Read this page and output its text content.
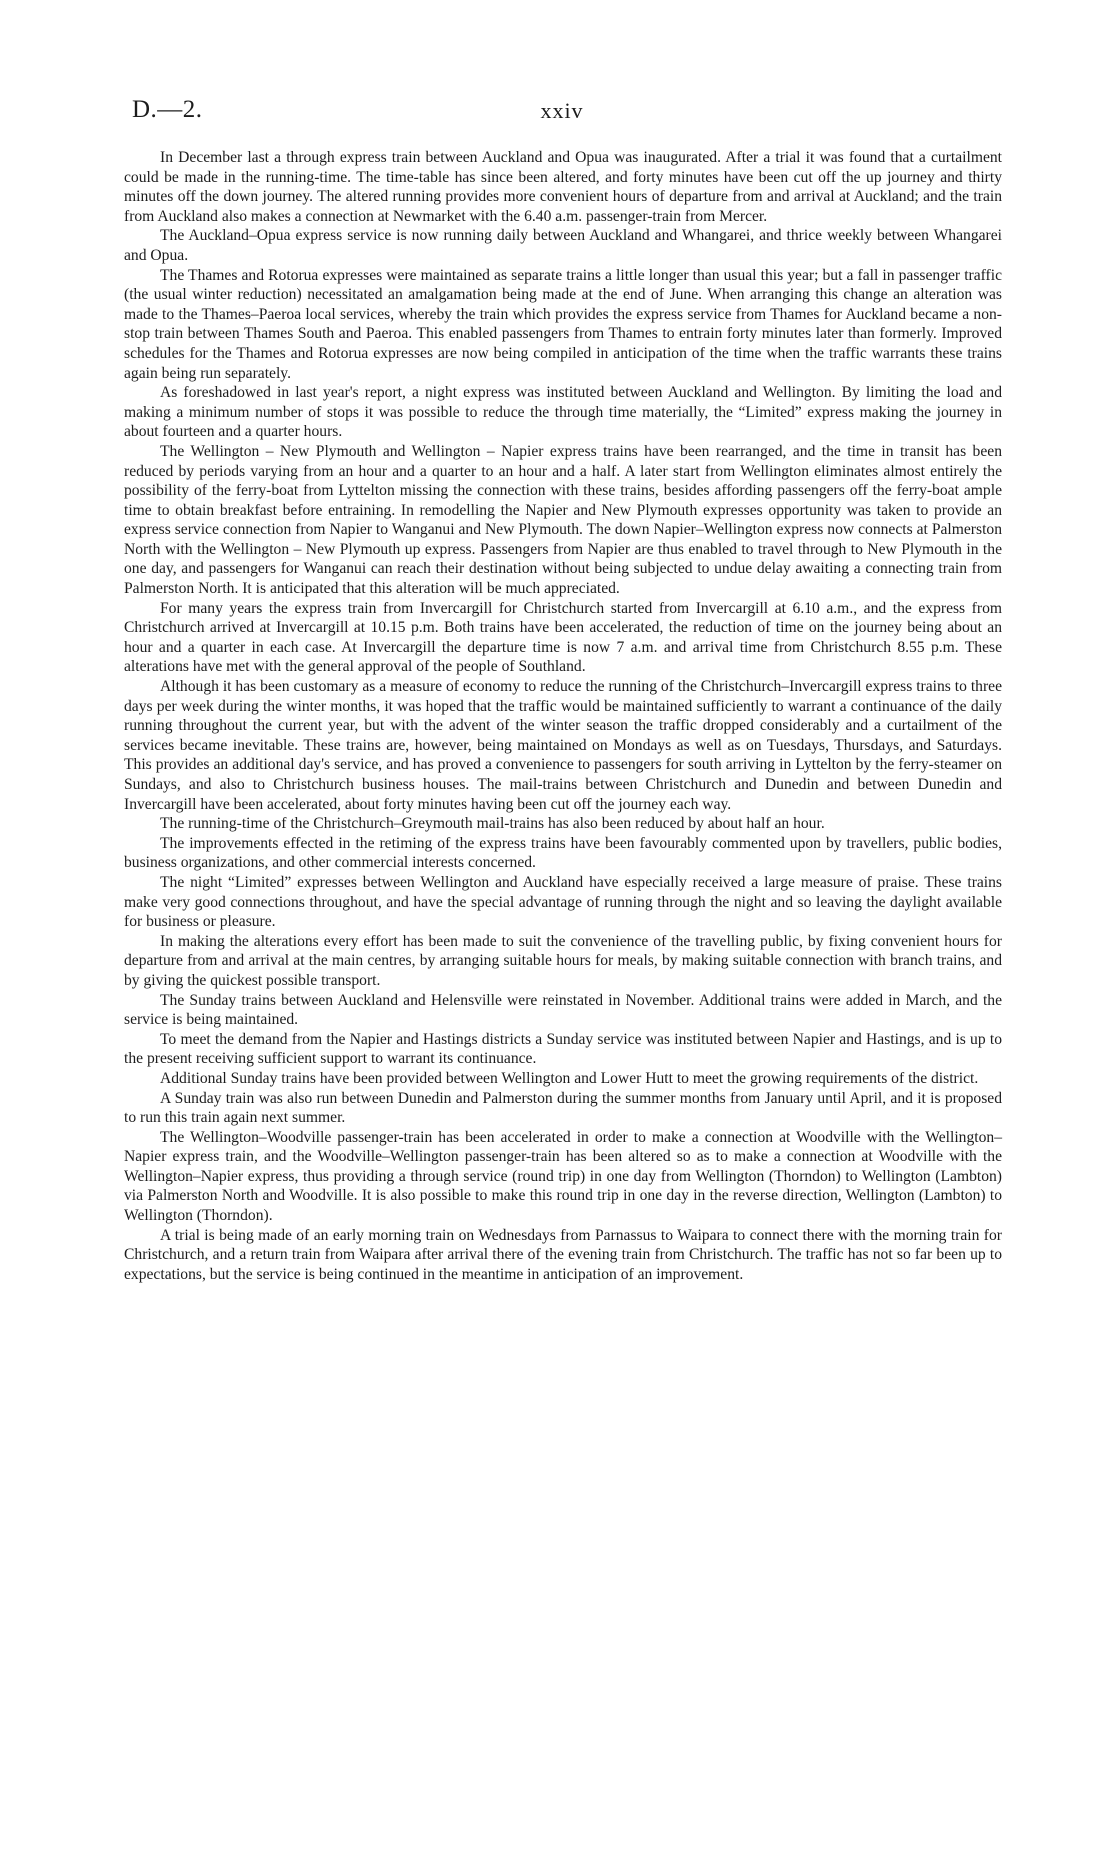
D.—2.	xxiv

In December last a through express train between Auckland and Opua was inaugurated. After a trial it was found that a curtailment could be made in the running-time. The time-table has since been altered, and forty minutes have been cut off the up journey and thirty minutes off the down journey. The altered running provides more convenient hours of departure from and arrival at Auckland; and the train from Auckland also makes a connection at Newmarket with the 6.40 a.m. passenger-train from Mercer.

The Auckland–Opua express service is now running daily between Auckland and Whangarei, and thrice weekly between Whangarei and Opua.

The Thames and Rotorua expresses were maintained as separate trains a little longer than usual this year; but a fall in passenger traffic (the usual winter reduction) necessitated an amalgamation being made at the end of June. When arranging this change an alteration was made to the Thames–Paeroa local services, whereby the train which provides the express service from Thames for Auckland became a non-stop train between Thames South and Paeroa. This enabled passengers from Thames to entrain forty minutes later than formerly. Improved schedules for the Thames and Rotorua expresses are now being compiled in anticipation of the time when the traffic warrants these trains again being run separately.

As foreshadowed in last year's report, a night express was instituted between Auckland and Wellington. By limiting the load and making a minimum number of stops it was possible to reduce the through time materially, the “Limited” express making the journey in about fourteen and a quarter hours.

The Wellington – New Plymouth and Wellington – Napier express trains have been rearranged, and the time in transit has been reduced by periods varying from an hour and a quarter to an hour and a half. A later start from Wellington eliminates almost entirely the possibility of the ferry-boat from Lyttelton missing the connection with these trains, besides affording passengers off the ferry-boat ample time to obtain breakfast before entraining. In remodelling the Napier and New Plymouth expresses opportunity was taken to provide an express service connection from Napier to Wanganui and New Plymouth. The down Napier–Wellington express now connects at Palmerston North with the Wellington – New Plymouth up express. Passengers from Napier are thus enabled to travel through to New Plymouth in the one day, and passengers for Wanganui can reach their destination without being subjected to undue delay awaiting a connecting train from Palmerston North. It is anticipated that this alteration will be much appreciated.

For many years the express train from Invercargill for Christchurch started from Invercargill at 6.10 a.m., and the express from Christchurch arrived at Invercargill at 10.15 p.m. Both trains have been accelerated, the reduction of time on the journey being about an hour and a quarter in each case. At Invercargill the departure time is now 7 a.m. and arrival time from Christchurch 8.55 p.m. These alterations have met with the general approval of the people of Southland.

Although it has been customary as a measure of economy to reduce the running of the Christchurch–Invercargill express trains to three days per week during the winter months, it was hoped that the traffic would be maintained sufficiently to warrant a continuance of the daily running throughout the current year, but with the advent of the winter season the traffic dropped considerably and a curtailment of the services became inevitable. These trains are, however, being maintained on Mondays as well as on Tuesdays, Thursdays, and Saturdays. This provides an additional day's service, and has proved a convenience to passengers for south arriving in Lyttelton by the ferry-steamer on Sundays, and also to Christchurch business houses. The mail-trains between Christchurch and Dunedin and between Dunedin and Invercargill have been accelerated, about forty minutes having been cut off the journey each way.

The running-time of the Christchurch–Greymouth mail-trains has also been reduced by about half an hour.

The improvements effected in the retiming of the express trains have been favourably commented upon by travellers, public bodies, business organizations, and other commercial interests concerned.

The night “Limited” expresses between Wellington and Auckland have especially received a large measure of praise. These trains make very good connections throughout, and have the special advantage of running through the night and so leaving the daylight available for business or pleasure.

In making the alterations every effort has been made to suit the convenience of the travelling public, by fixing convenient hours for departure from and arrival at the main centres, by arranging suitable hours for meals, by making suitable connection with branch trains, and by giving the quickest possible transport.

The Sunday trains between Auckland and Helensville were reinstated in November. Additional trains were added in March, and the service is being maintained.

To meet the demand from the Napier and Hastings districts a Sunday service was instituted between Napier and Hastings, and is up to the present receiving sufficient support to warrant its continuance.

Additional Sunday trains have been provided between Wellington and Lower Hutt to meet the growing requirements of the district.

A Sunday train was also run between Dunedin and Palmerston during the summer months from January until April, and it is proposed to run this train again next summer.

The Wellington–Woodville passenger-train has been accelerated in order to make a connection at Woodville with the Wellington–Napier express train, and the Woodville–Wellington passenger-train has been altered so as to make a connection at Woodville with the Wellington–Napier express, thus providing a through service (round trip) in one day from Wellington (Thorndon) to Wellington (Lambton) via Palmerston North and Woodville. It is also possible to make this round trip in one day in the reverse direction, Wellington (Lambton) to Wellington (Thorndon).

A trial is being made of an early morning train on Wednesdays from Parnassus to Waipara to connect there with the morning train for Christchurch, and a return train from Waipara after arrival there of the evening train from Christchurch. The traffic has not so far been up to expectations, but the service is being continued in the meantime in anticipation of an improvement.
